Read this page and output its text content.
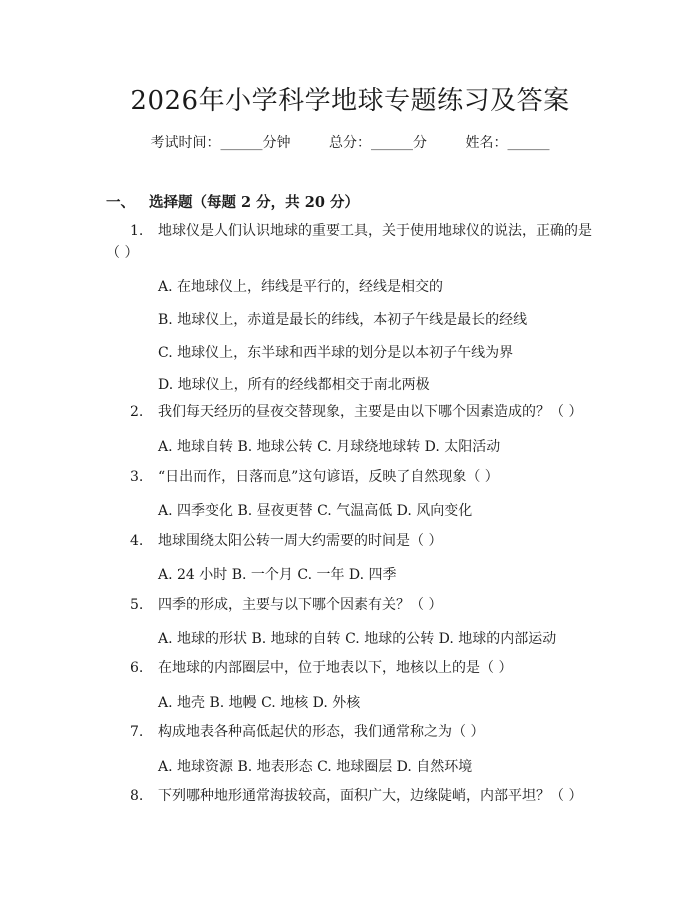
2026年小学科学地球专题练习及答案
考试时间：______分钟	总分：______分	姓名：______
一、 选择题（每题 2 分，共 20 分）
1. 地球仪是人们认识地球的重要工具，关于使用地球仪的说法，正确的是
（ ）
A. 在地球仪上，纬线是平行的，经线是相交的
B. 地球仪上，赤道是最长的纬线，本初子午线是最长的经线
C. 地球仪上，东半球和西半球的划分是以本初子午线为界
D. 地球仪上，所有的经线都相交于南北两极
2. 我们每天经历的昼夜交替现象，主要是由以下哪个因素造成的？（ ）
A. 地球自转 B. 地球公转 C. 月球绕地球转 D. 太阳活动
3. “日出而作，日落而息”这句谚语，反映了自然现象（ ）
A. 四季变化 B. 昼夜更替 C. 气温高低 D. 风向变化
4. 地球围绕太阳公转一周大约需要的时间是（ ）
A. 24 小时 B. 一个月 C. 一年 D. 四季
5. 四季的形成，主要与以下哪个因素有关？（ ）
A. 地球的形状 B. 地球的自转 C. 地球的公转 D. 地球的内部运动
6. 在地球的内部圈层中，位于地表以下，地核以上的是（ ）
A. 地壳 B. 地幔 C. 地核 D. 外核
7. 构成地表各种高低起伏的形态，我们通常称之为（ ）
A. 地球资源 B. 地表形态 C. 地球圈层 D. 自然环境
8. 下列哪种地形通常海拔较高，面积广大，边缘陡峭，内部平坦？（ ）
